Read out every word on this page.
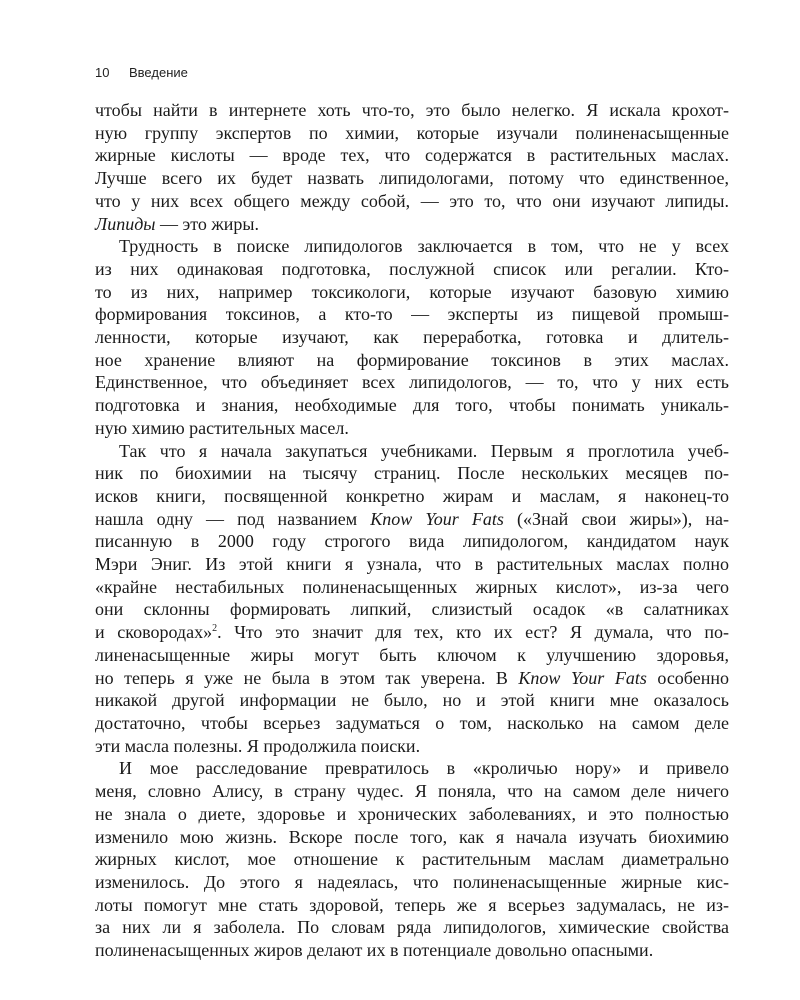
10 Введение
чтобы найти в интернете хоть что-то, это было нелегко. Я искала крохот-
ную группу экспертов по химии, которые изучали полиненасыщенные
жирные кислоты — вроде тех, что содержатся в растительных маслах.
Лучше всего их будет назвать липидологами, потому что единственное,
что у них всех общего между собой, — это то, что они изучают липиды.
Липиды — это жиры.
Трудность в поиске липидологов заключается в том, что не у всех
из них одинаковая подготовка, послужной список или регалии. Кто-
то из них, например токсикологи, которые изучают базовую химию
формирования токсинов, а кто-то — эксперты из пищевой промыш-
ленности, которые изучают, как переработка, готовка и длитель-
ное хранение влияют на формирование токсинов в этих маслах.
Единственное, что объединяет всех липидологов, — то, что у них есть
подготовка и знания, необходимые для того, чтобы понимать уникаль-
ную химию растительных масел.
Так что я начала закупаться учебниками. Первым я проглотила учеб-
ник по биохимии на тысячу страниц. После нескольких месяцев по-
исков книги, посвященной конкретно жирам и маслам, я наконец-то
нашла одну — под названием Know Your Fats («Знай свои жиры»), на-
писанную в 2000 году строгого вида липидологом, кандидатом наук
Мэри Эниг. Из этой книги я узнала, что в растительных маслах полно
«крайне нестабильных полиненасыщенных жирных кислот», из-за чего
они склонны формировать липкий, слизистый осадок «в салатниках
и сковородах»$^2$. Что это значит для тех, кто их ест? Я думала, что по-
линенасыщенные жиры могут быть ключом к улучшению здоровья,
но теперь я уже не была в этом так уверена. В Know Your Fats особенно
никакой другой информации не было, но и этой книги мне оказалось
достаточно, чтобы всерьез задуматься о том, насколько на самом деле
эти масла полезны. Я продолжила поиски.
И мое расследование превратилось в «кроличью нору» и привело
меня, словно Алису, в страну чудес. Я поняла, что на самом деле ничего
не знала о диете, здоровье и хронических заболеваниях, и это полностью
изменило мою жизнь. Вскоре после того, как я начала изучать биохимию
жирных кислот, мое отношение к растительным маслам диаметрально
изменилось. До этого я надеялась, что полиненасыщенные жирные кис-
лоты помогут мне стать здоровой, теперь же я всерьез задумалась, не из-
за них ли я заболела. По словам ряда липидологов, химические свойства
полиненасыщенных жиров делают их в потенциале довольно опасными.
